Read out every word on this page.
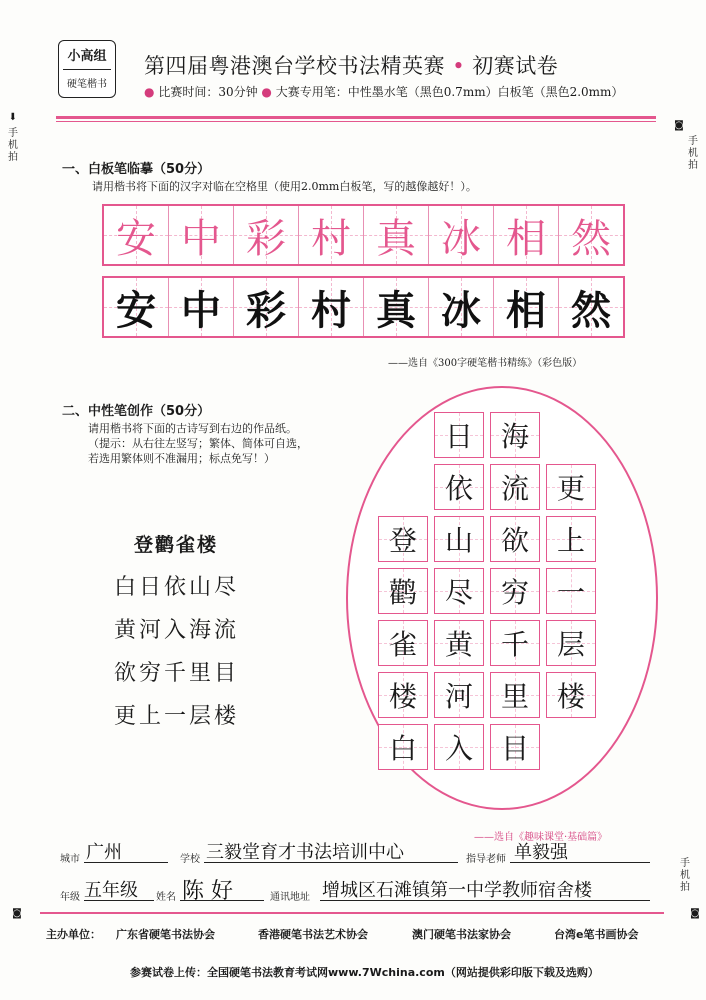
小高组
硬笔楷书
第四届粤港澳台学校书法精英赛 • 初赛试卷
● 比赛时间：30分钟 ● 大赛专用笔：中性墨水笔（黑色0.7mm）白板笔（黑色2.0mm）
⬇
手机拍
◙
手机拍
手机拍
◙	◙
一、白板笔临摹（50分）
请用楷书将下面的汉字对临在空格里（使用2.0mm白板笔，写的越像越好！）。
安 中 彩 村 真 冰 相 然
安 中 彩 村 真 冰 相 然
——选自《300字硬笔楷书精练》（彩色版）
二、中性笔创作（50分）
请用楷书将下面的古诗写到右边的作品纸。
（提示：从右往左竖写；繁体、简体可自选，
若选用繁体则不准漏用；标点免写！）
登鹳雀楼
白日依山尽
黄河入海流
欲穷千里目
更上一层楼
登
鹳
雀
楼
白
日
依
山
尽
黄
河
入
海
流
欲
穷
千
里
目
更
上
一
层
楼
——选自《趣味课堂·基础篇》
城市 广州	学校 三毅堂育才书法培训中心	指导老师 单毅强
年级 五年级 姓名 陈 好	通讯地址 增城区石滩镇第一中学教师宿舍楼
主办单位： 广东省硬笔书法协会	香港硬笔书法艺术协会	澳门硬笔书法家协会	台湾e笔书画协会
参赛试卷上传：全国硬笔书法教育考试网www.7Wchina.com（网站提供彩印版下载及选购）
